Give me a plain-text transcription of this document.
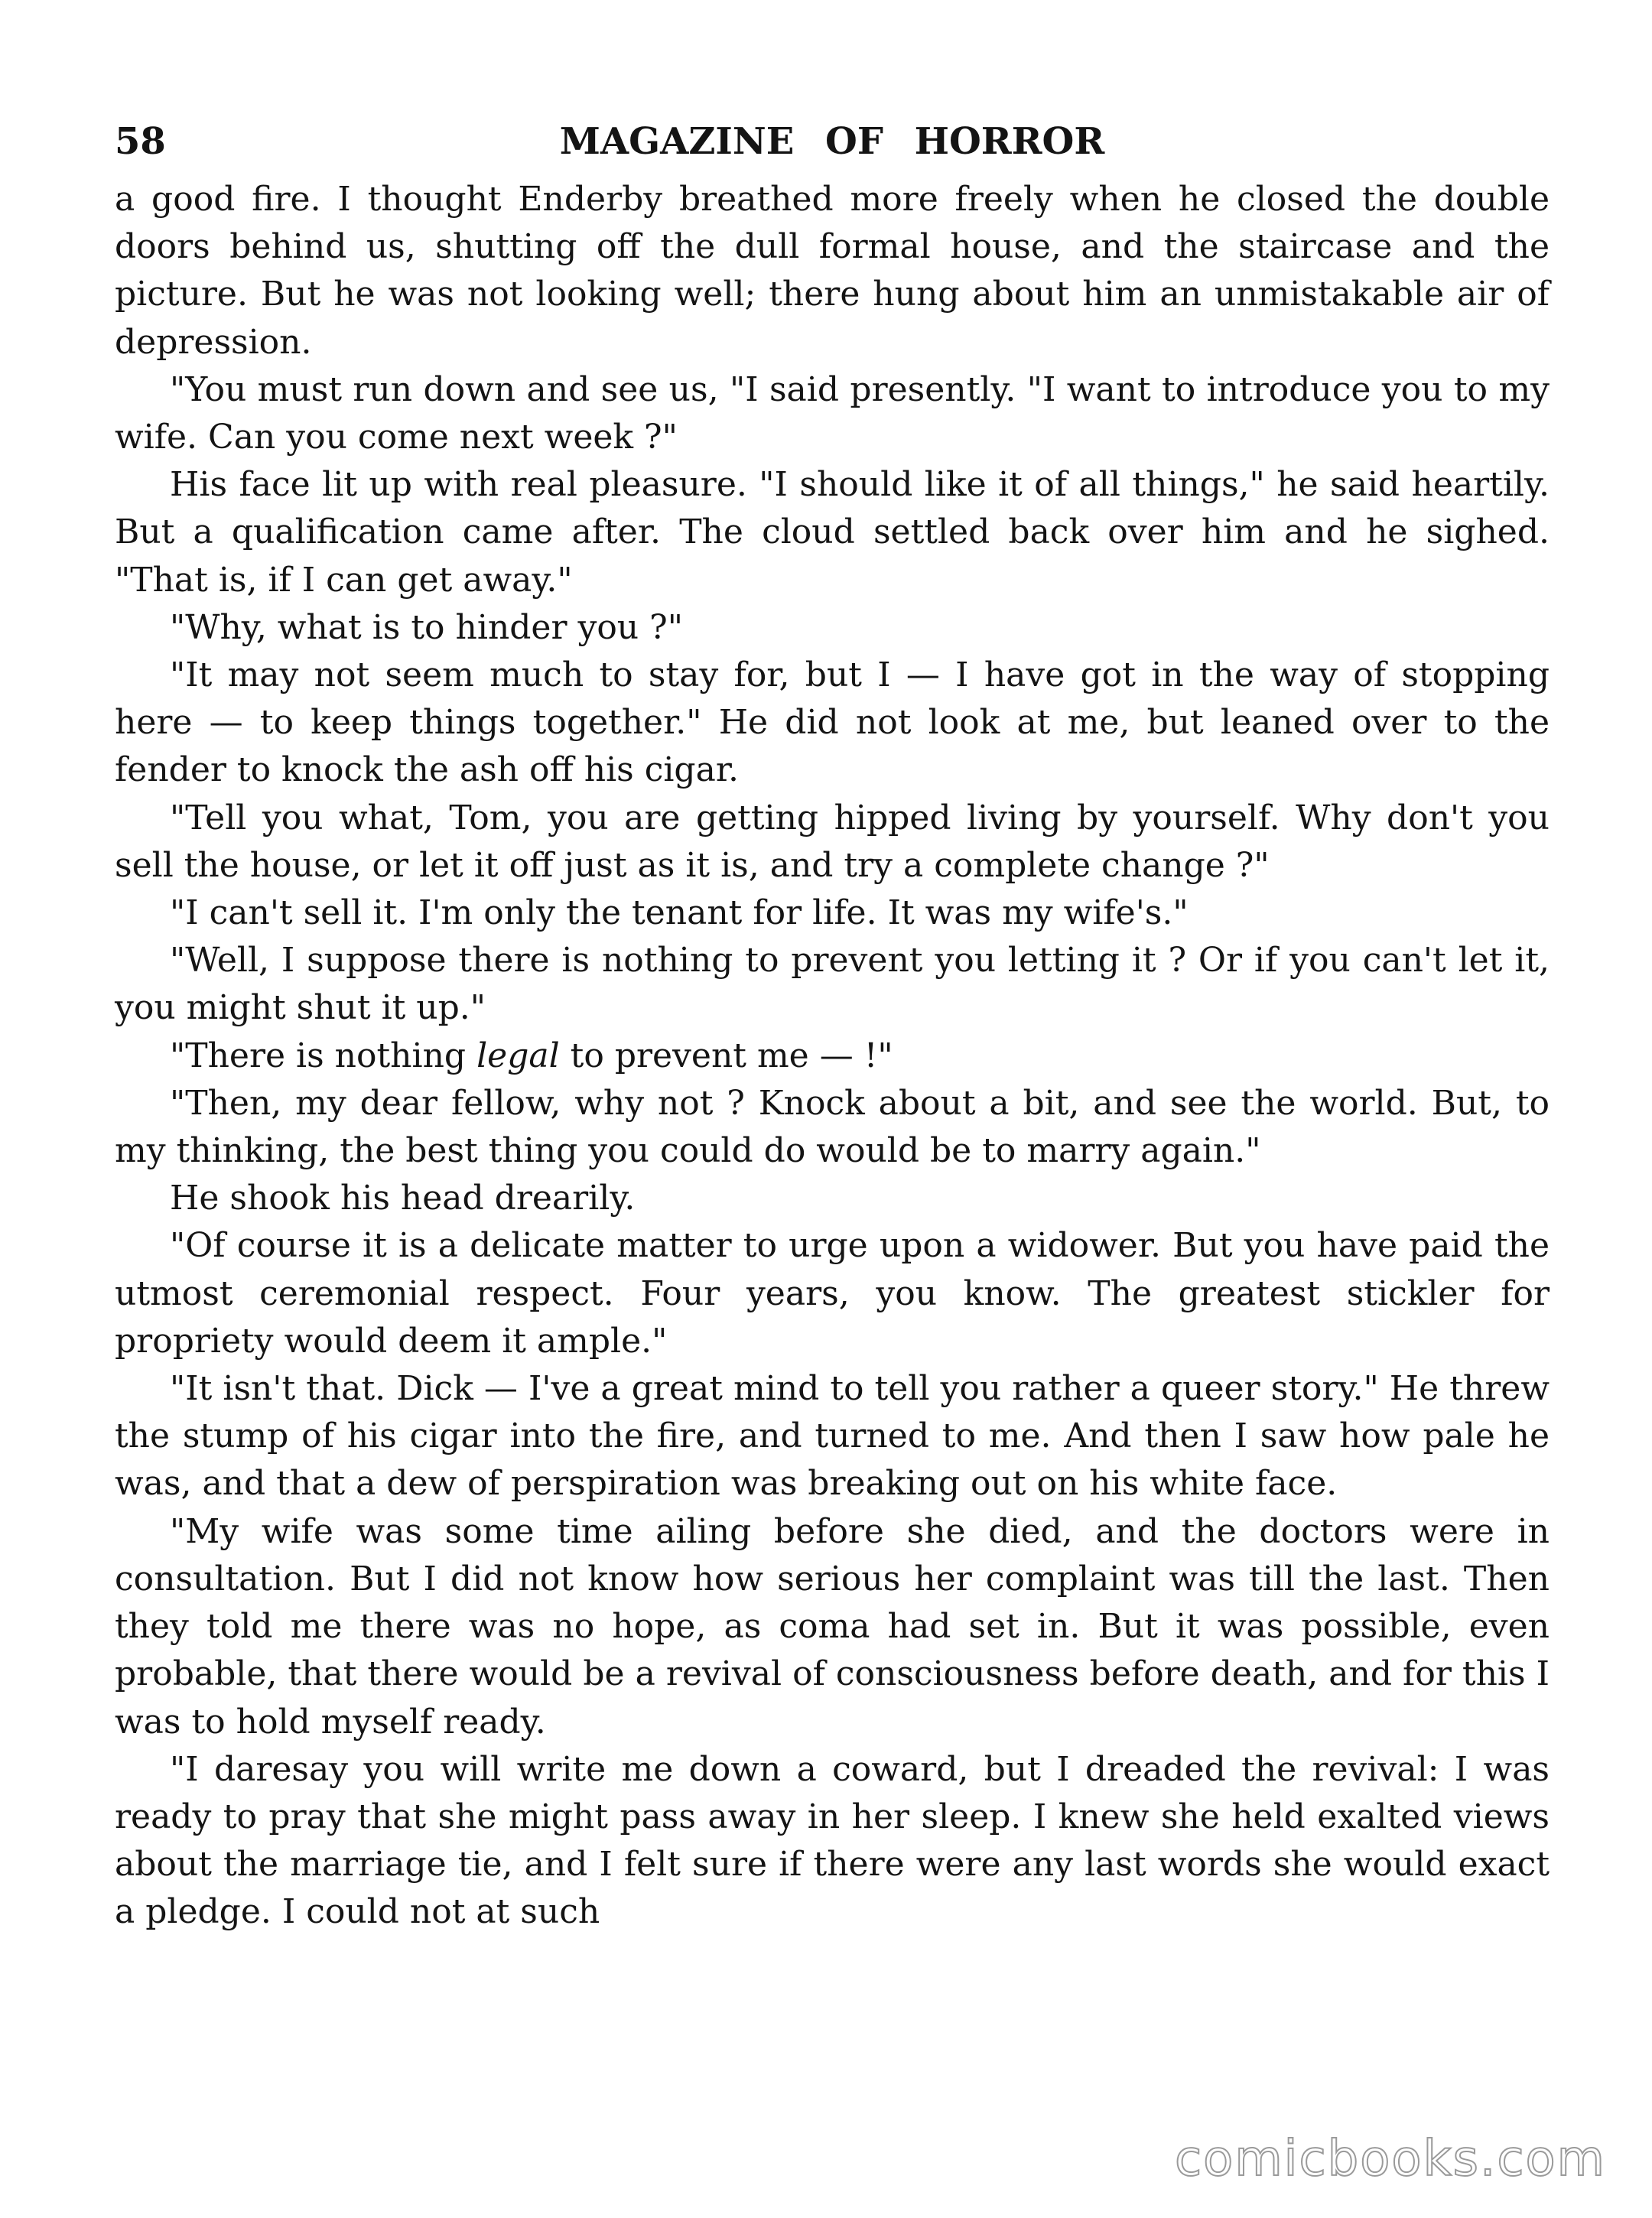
58	MAGAZINE OF HORROR

a good fire. I thought Enderby breathed more freely when he closed the double doors behind us, shutting off the dull formal house, and the staircase and the picture. But he was not looking well; there hung about him an unmistakable air of depression.

"You must run down and see us, "I said presently. "I want to introduce you to my wife. Can you come next week ?"

His face lit up with real pleasure. "I should like it of all things," he said heartily. But a qualification came after. The cloud settled back over him and he sighed. "That is, if I can get away."

"Why, what is to hinder you ?"

"It may not seem much to stay for, but I — I have got in the way of stopping here — to keep things together." He did not look at me, but leaned over to the fender to knock the ash off his cigar.

"Tell you what, Tom, you are getting hipped living by yourself. Why don't you sell the house, or let it off just as it is, and try a complete change ?"

"I can't sell it. I'm only the tenant for life. It was my wife's."

"Well, I suppose there is nothing to prevent you letting it ? Or if you can't let it, you might shut it up."

"There is nothing legal to prevent me — !"

"Then, my dear fellow, why not ? Knock about a bit, and see the world. But, to my thinking, the best thing you could do would be to marry again."

He shook his head drearily.

"Of course it is a delicate matter to urge upon a widower. But you have paid the utmost ceremonial respect. Four years, you know. The greatest stickler for propriety would deem it ample."

"It isn't that. Dick — I've a great mind to tell you rather a queer story." He threw the stump of his cigar into the fire, and turned to me. And then I saw how pale he was, and that a dew of perspiration was breaking out on his white face.

"My wife was some time ailing before she died, and the doctors were in consultation. But I did not know how serious her complaint was till the last. Then they told me there was no hope, as coma had set in. But it was possible, even probable, that there would be a revival of consciousness before death, and for this I was to hold myself ready.

"I daresay you will write me down a coward, but I dreaded the revival: I was ready to pray that she might pass away in her sleep. I knew she held exalted views about the marriage tie, and I felt sure if there were any last words she would exact a pledge. I could not at such

comicbooks.com
